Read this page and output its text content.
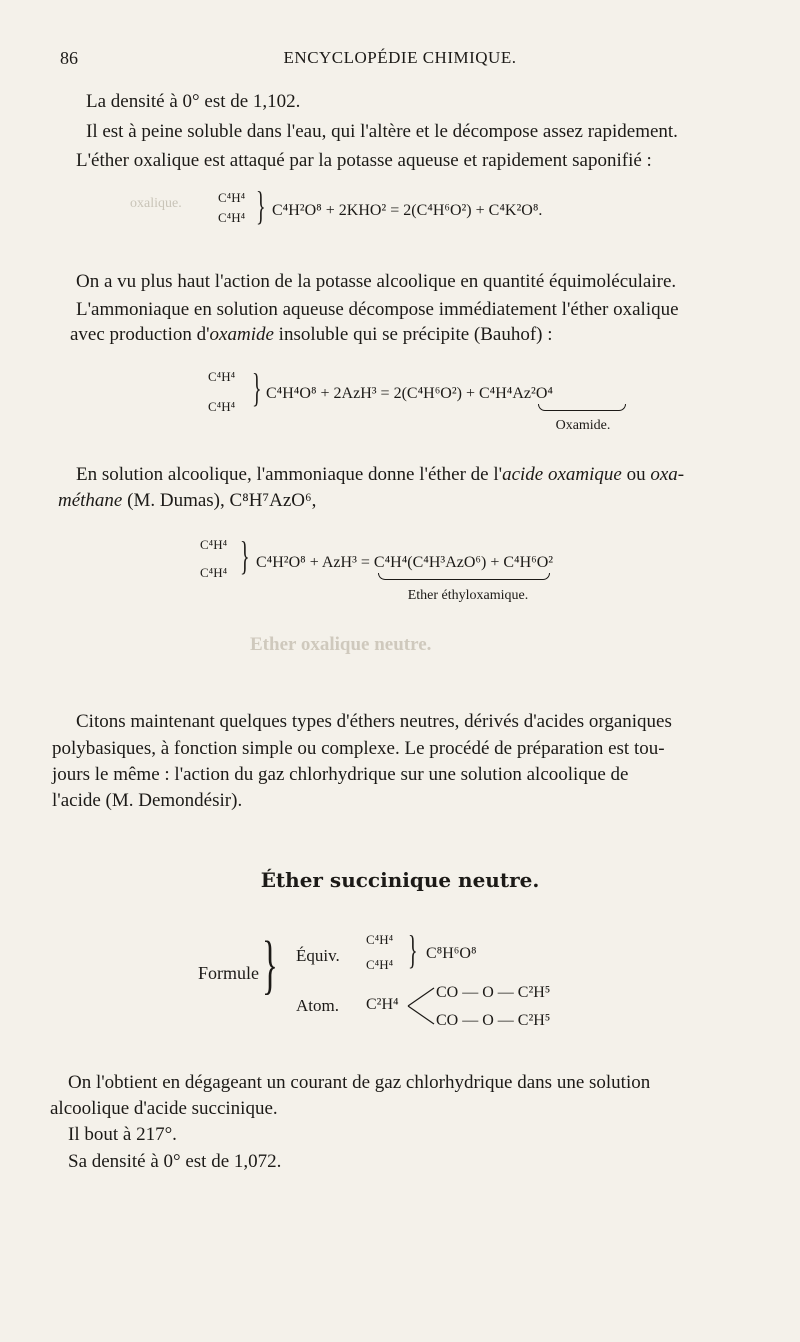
86	ENCYCLOPÉDIE CHIMIQUE.
oxalique.
Ether oxalique neutre.
La densité à 0° est de 1,102.
Il est à peine soluble dans l'eau, qui l'altère et le décompose assez rapidement.
L'éther oxalique est attaqué par la potasse aqueuse et rapidement saponifié :
C⁴H⁴
C⁴H⁴ } C⁴H²O⁸ + 2KHO² = 2(C⁴H⁶O²) + C⁴K²O⁸.
On a vu plus haut l'action de la potasse alcoolique en quantité équimoléculaire.
L'ammoniaque en solution aqueuse décompose immédiatement l'éther oxalique
avec production d'oxamide insoluble qui se précipite (Bauhof) :
C⁴H⁴
C⁴H⁴ } C⁴H⁴O⁸ + 2AzH³ = 2(C⁴H⁶O²) + C⁴H⁴Az²O⁴
Oxamide.
En solution alcoolique, l'ammoniaque donne l'éther de l'acide oxamique ou oxa-
méthane (M. Dumas), C⁸H⁷AzO⁶,
C⁴H⁴
C⁴H⁴ } C⁴H²O⁸ + AzH³ = C⁴H⁴(C⁴H³AzO⁶) + C⁴H⁶O²
Ether éthyloxamique.
Citons maintenant quelques types d'éthers neutres, dérivés d'acides organiques
polybasiques, à fonction simple ou complexe. Le procédé de préparation est tou-
jours le même : l'action du gaz chlorhydrique sur une solution alcoolique de
l'acide (M. Demondésir).
Éther succinique neutre.
Formule } Équiv.
C⁴H⁴
C⁴H⁴ } C⁸H⁶O⁸
Atom. C²H⁴
CO — O — C²H⁵
CO — O — C²H⁵
On l'obtient en dégageant un courant de gaz chlorhydrique dans une solution
alcoolique d'acide succinique.
Il bout à 217°.
Sa densité à 0° est de 1,072.
